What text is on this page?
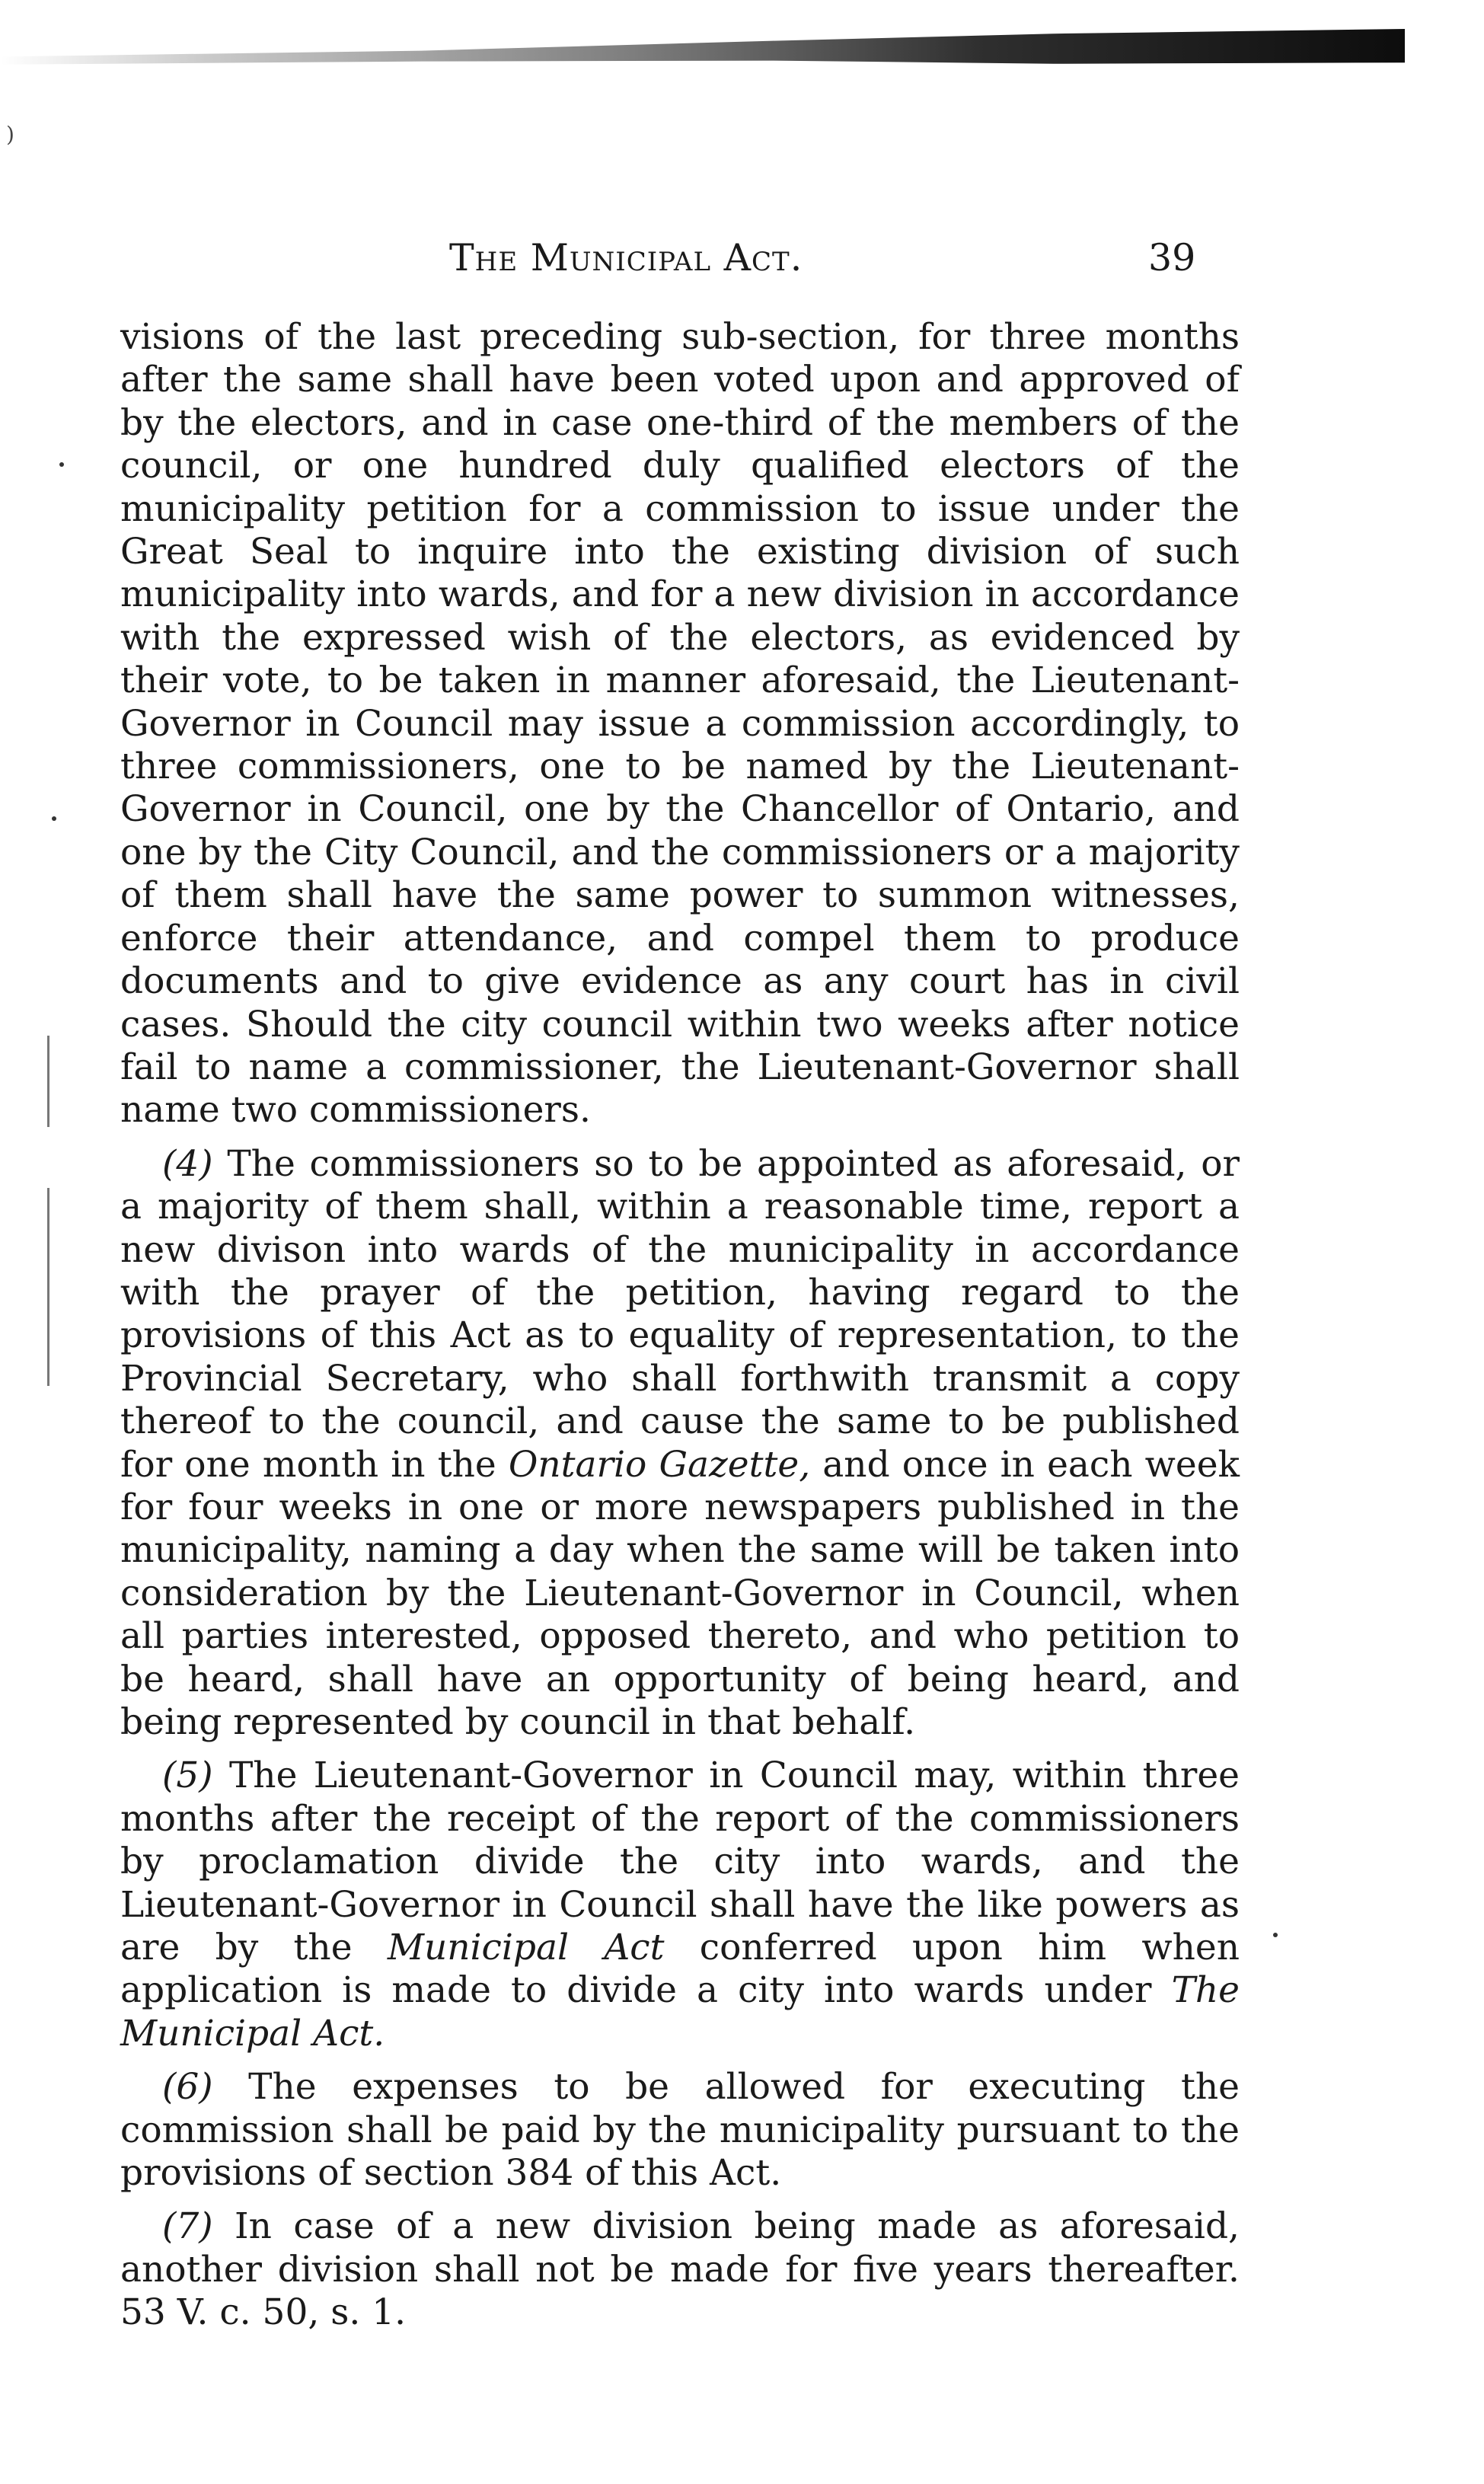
)
The Municipal Act.	39

visions of the last preceding sub-section, for three months after the same shall have been voted upon and approved of by the electors, and in case one-third of the members of the council, or one hundred duly qualified electors of the municipality petition for a commission to issue under the Great Seal to inquire into the existing division of such municipality into wards, and for a new division in accordance with the expressed wish of the electors, as evidenced by their vote, to be taken in manner aforesaid, the Lieutenant-Governor in Council may issue a commission accordingly, to three commissioners, one to be named by the Lieutenant-Governor in Council, one by the Chancellor of Ontario, and one by the City Council, and the commissioners or a majority of them shall have the same power to summon witnesses, enforce their attendance, and compel them to produce documents and to give evidence as any court has in civil cases. Should the city council within two weeks after notice fail to name a commissioner, the Lieutenant-Governor shall name two commissioners.

(4) The commissioners so to be appointed as aforesaid, or a majority of them shall, within a reasonable time, report a new divison into wards of the municipality in accordance with the prayer of the petition, having regard to the provisions of this Act as to equality of representation, to the Provincial Secretary, who shall forthwith transmit a copy thereof to the council, and cause the same to be published for one month in the Ontario Gazette, and once in each week for four weeks in one or more newspapers published in the municipality, naming a day when the same will be taken into consideration by the Lieutenant-Governor in Council, when all parties interested, opposed thereto, and who petition to be heard, shall have an opportunity of being heard, and being represented by council in that behalf.

(5) The Lieutenant-Governor in Council may, within three months after the receipt of the report of the commissioners by proclamation divide the city into wards, and the Lieutenant-Governor in Council shall have the like powers as are by the Municipal Act conferred upon him when application is made to divide a city into wards under The Municipal Act.

(6) The expenses to be allowed for executing the commission shall be paid by the municipality pursuant to the provisions of section 384 of this Act.

(7) In case of a new division being made as aforesaid, another division shall not be made for five years thereafter. 53 V. c. 50, s. 1.
